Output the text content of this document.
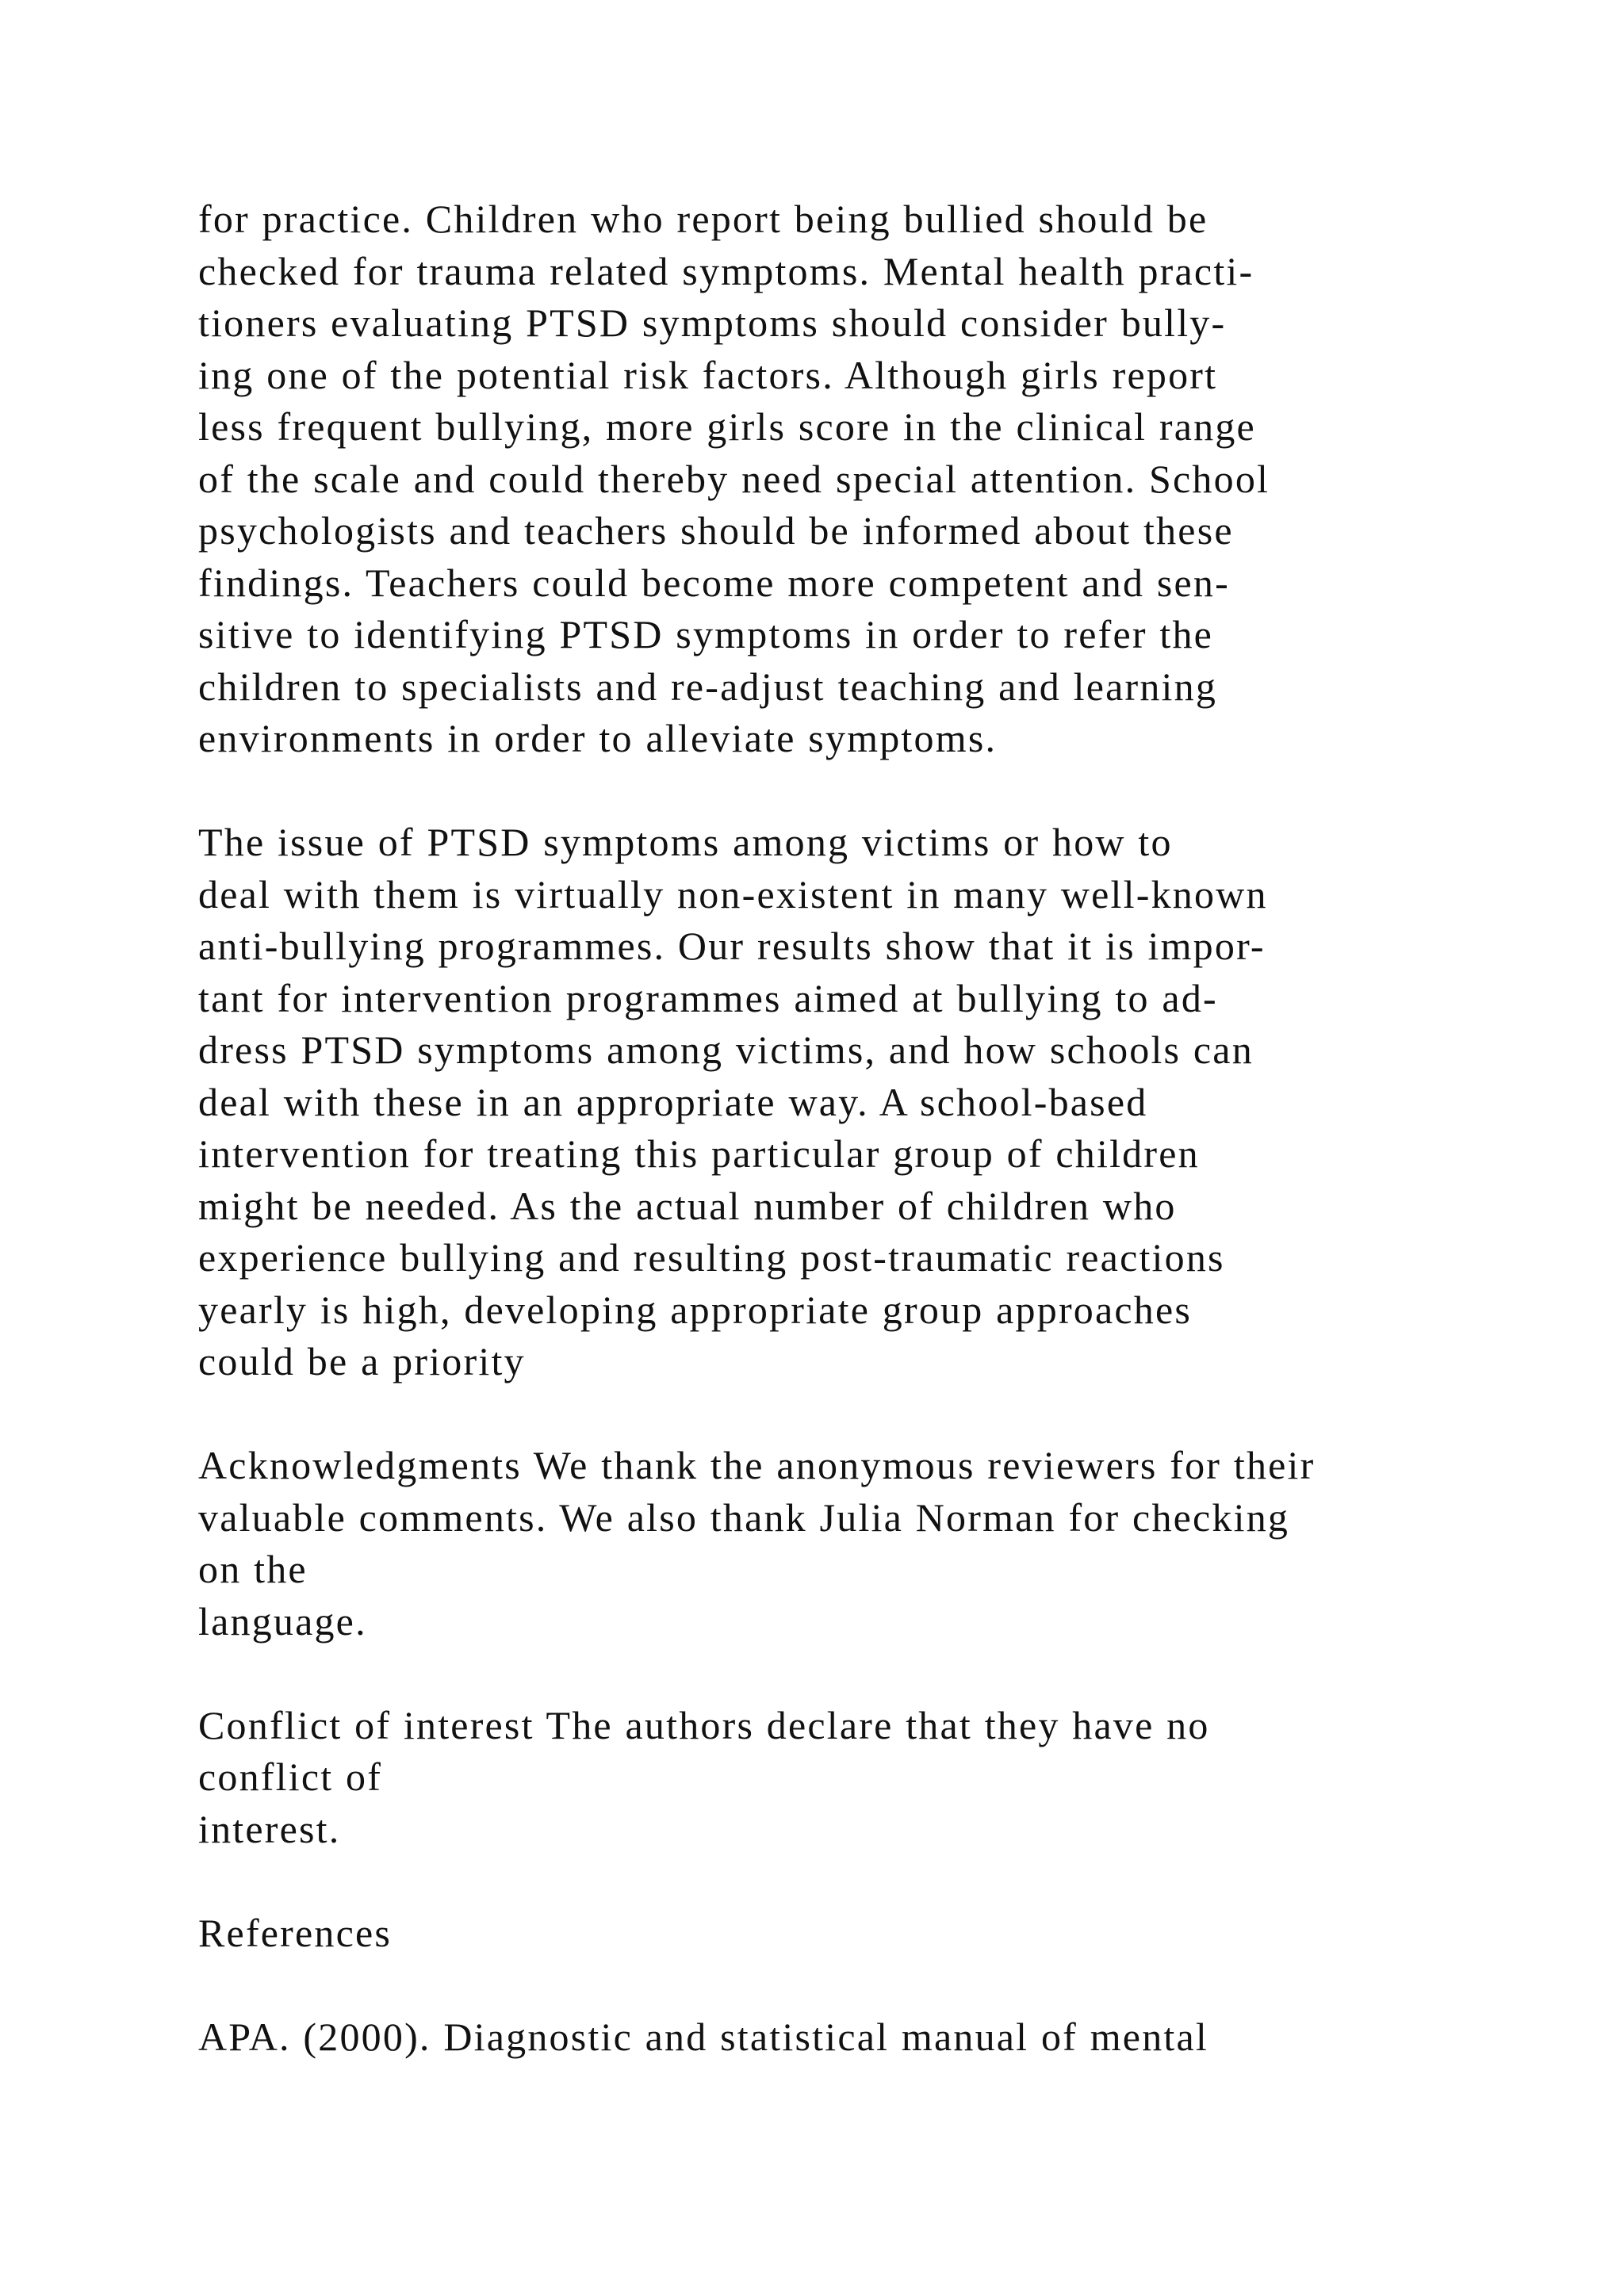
for practice. Children who report being bullied should be
checked for trauma related symptoms. Mental health practi-
tioners evaluating PTSD symptoms should consider bully-
ing one of the potential risk factors. Although girls report
less frequent bullying, more girls score in the clinical range
of the scale and could thereby need special attention. School
psychologists and teachers should be informed about these
findings. Teachers could become more competent and sen-
sitive to identifying PTSD symptoms in order to refer the
children to specialists and re-adjust teaching and learning
environments in order to alleviate symptoms.
The issue of PTSD symptoms among victims or how to
deal with them is virtually non-existent in many well-known
anti-bullying programmes. Our results show that it is impor-
tant for intervention programmes aimed at bullying to ad-
dress PTSD symptoms among victims, and how schools can
deal with these in an appropriate way. A school-based
intervention for treating this particular group of children
might be needed. As the actual number of children who
experience bullying and resulting post-traumatic reactions
yearly is high, developing appropriate group approaches
could be a priority
Acknowledgments We thank the anonymous reviewers for their
valuable comments. We also thank Julia Norman for checking
on the
language.
Conflict of interest The authors declare that they have no
conflict of
interest.
References
APA. (2000). Diagnostic and statistical manual of mental
